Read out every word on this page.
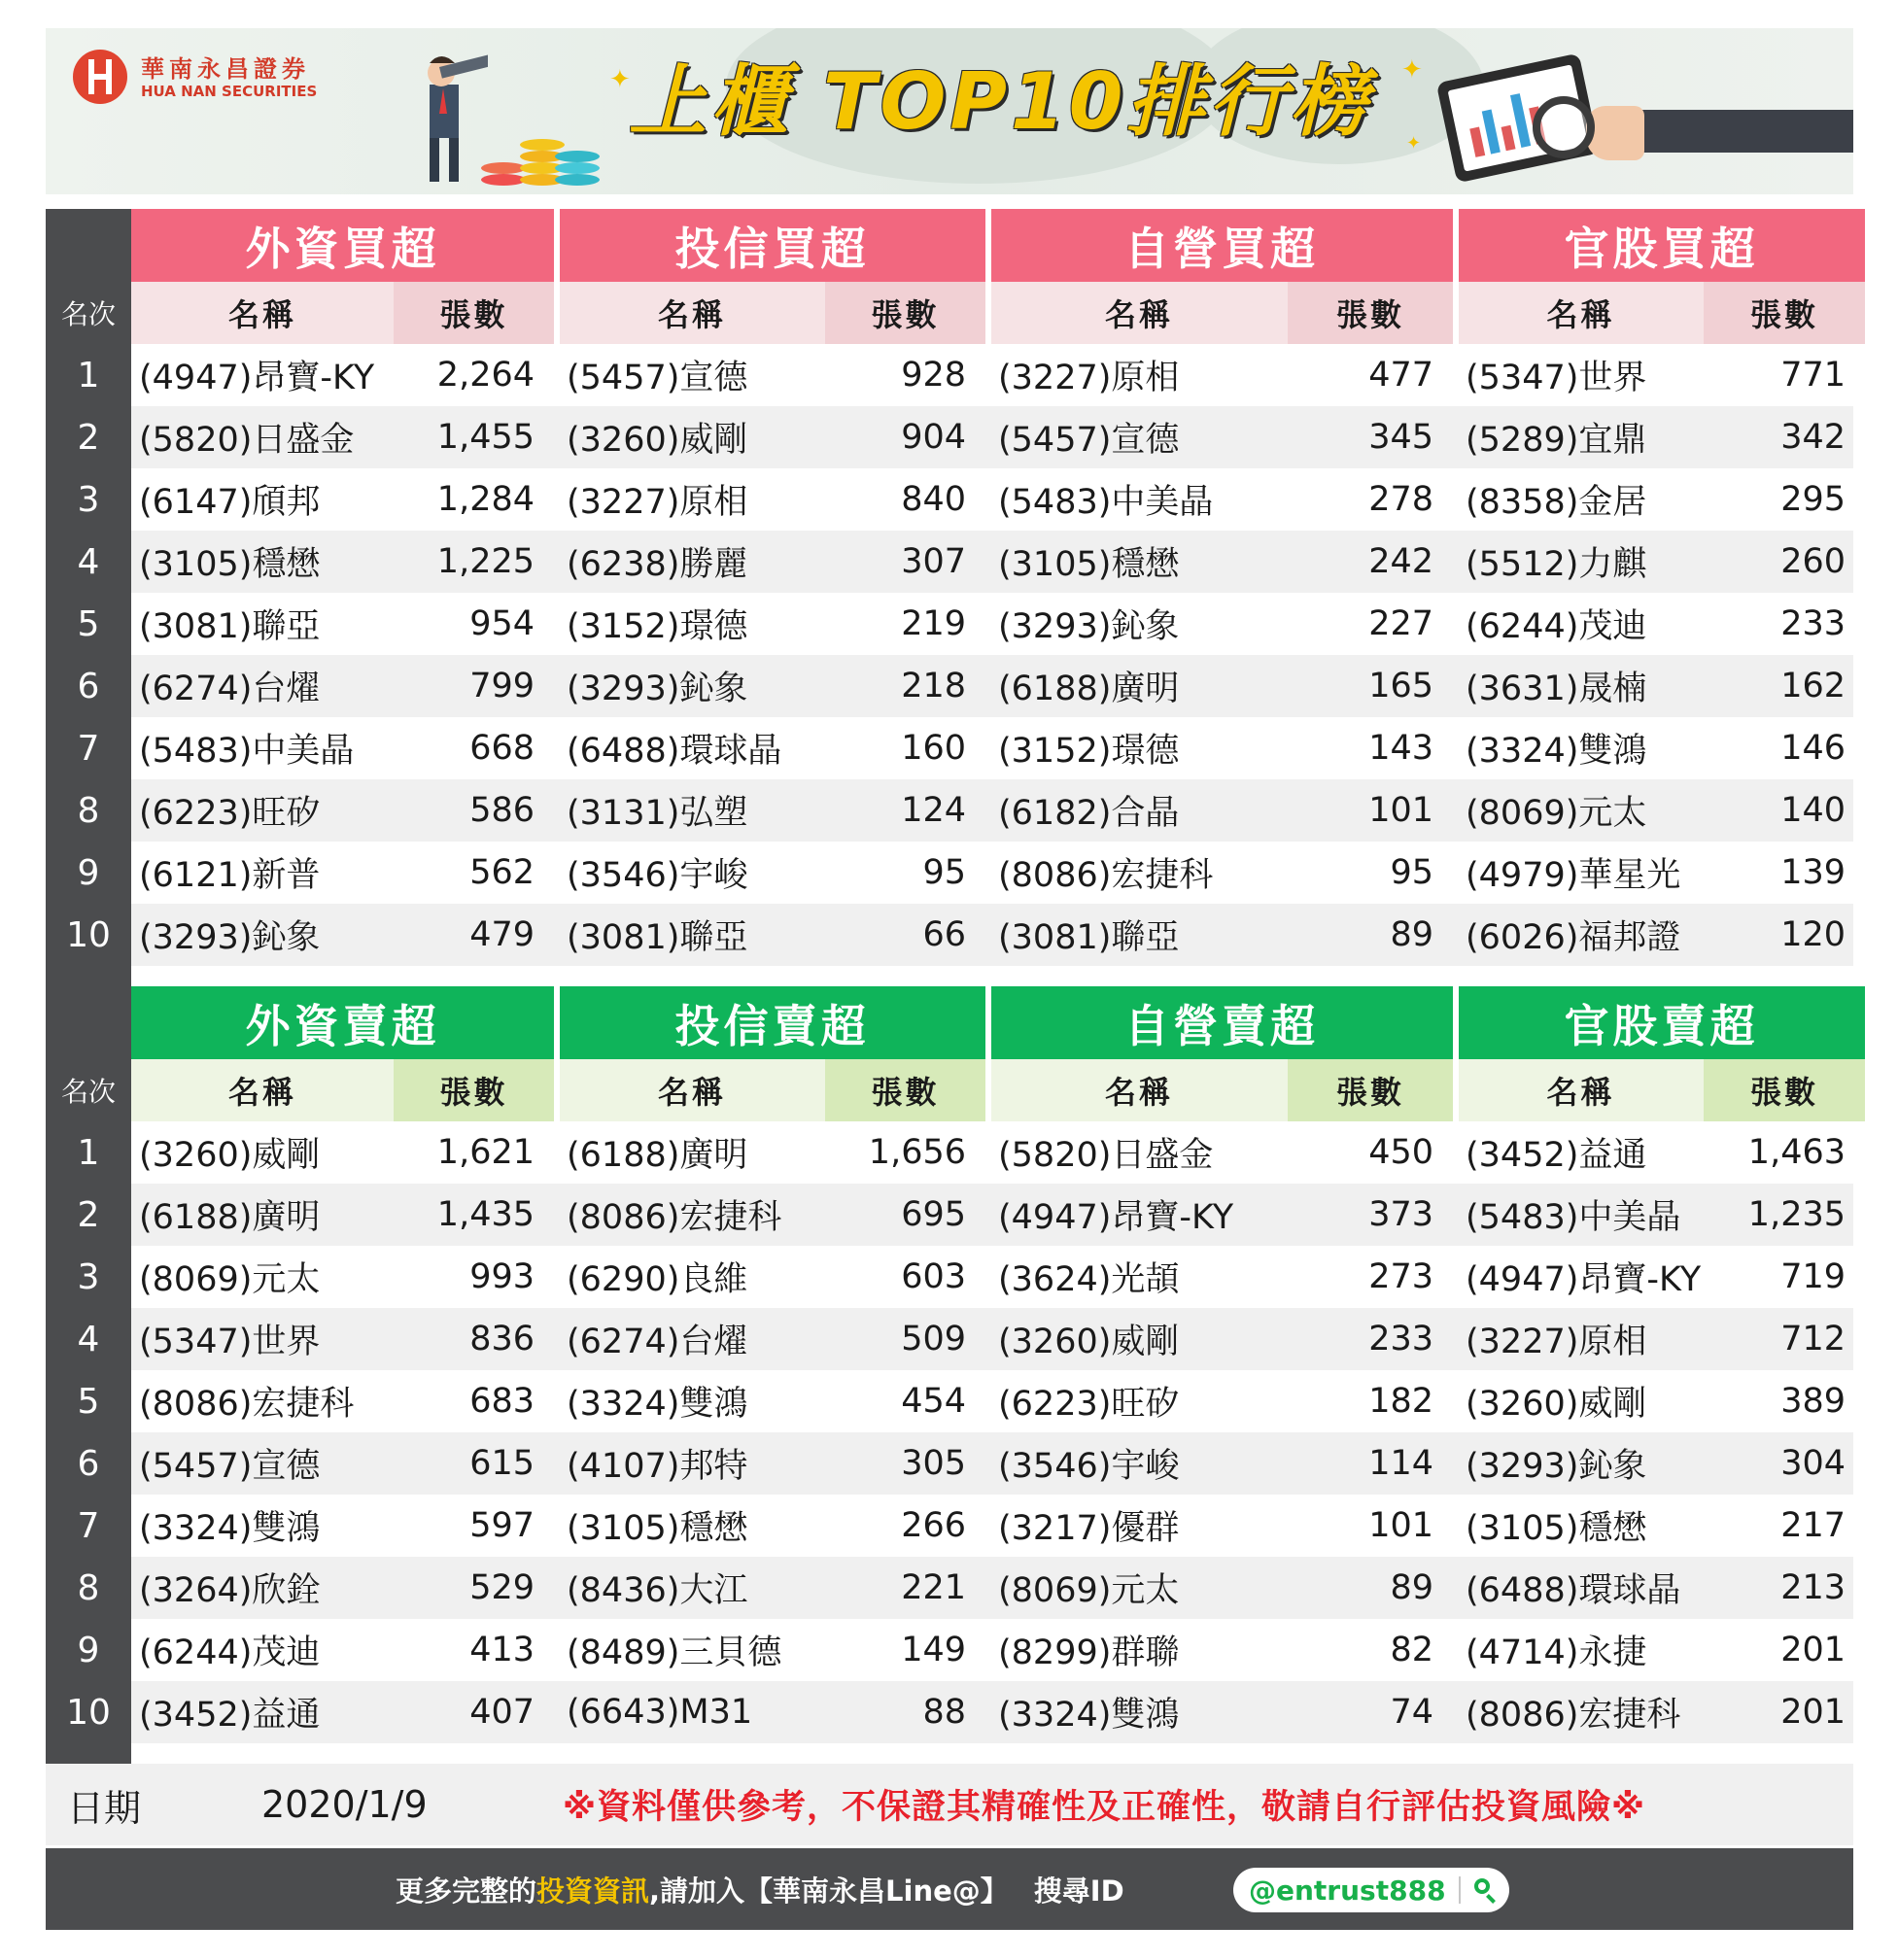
華南永昌證券
HUA NAN SECURITIES	✦	✦
✦
上櫃 TOP10排行榜
名次
外資買超
名稱	張數
投信買超
名稱	張數
自營買超
名稱	張數
官股買超
名稱	張數
1	(4947)昂寶-KY	2,264 (5457)宣德	928 (3227)原相	477 (5347)世界	771
2	(5820)日盛金	1,455 (3260)威剛	904 (5457)宣德	345 (5289)宜鼎	342
3	(6147)頎邦	1,284 (3227)原相	840 (5483)中美晶	278 (8358)金居	295
4	(3105)穩懋	1,225 (6238)勝麗	307 (3105)穩懋	242 (5512)力麒	260
5	(3081)聯亞	954 (3152)璟德	219 (3293)鈊象	227 (6244)茂迪	233
6	(6274)台燿	799 (3293)鈊象	218 (6188)廣明	165 (3631)晟楠	162
7	(5483)中美晶	668 (6488)環球晶	160 (3152)璟德	143 (3324)雙鴻	146
8	(6223)旺矽	586 (3131)弘塑	124 (6182)合晶	101 (8069)元太	140
9	(6121)新普	562 (3546)宇峻	95 (8086)宏捷科	95 (4979)華星光	139
10 (3293)鈊象	479 (3081)聯亞	66 (3081)聯亞	89 (6026)福邦證	120
名次
外資賣超
名稱	張數
投信賣超
名稱	張數
自營賣超
名稱	張數
官股賣超
名稱	張數
1	(3260)威剛	1,621 (6188)廣明	1,656 (5820)日盛金	450 (3452)益通	1,463
2	(6188)廣明	1,435 (8086)宏捷科	695 (4947)昂寶-KY	373 (5483)中美晶	1,235
3	(8069)元太	993 (6290)良維	603 (3624)光頡	273 (4947)昂寶-KY	719
4	(5347)世界	836 (6274)台燿	509 (3260)威剛	233 (3227)原相	712
5	(8086)宏捷科	683 (3324)雙鴻	454 (6223)旺矽	182 (3260)威剛	389
6	(5457)宣德	615 (4107)邦特	305 (3546)宇峻	114 (3293)鈊象	304
7	(3324)雙鴻	597 (3105)穩懋	266 (3217)優群	101 (3105)穩懋	217
8	(3264)欣銓	529 (8436)大江	221 (8069)元太	89 (6488)環球晶	213
9	(6244)茂迪	413 (8489)三貝德	149 (8299)群聯	82 (4714)永捷	201
10 (3452)益通	407 (6643)M31	88 (3324)雙鴻	74 (8086)宏捷科	201
日期	2020/1/9	※資料僅供參考，不保證其精確性及正確性，敬請自行評估投資風險※
更多完整的 投資資訊 ,請加入【華南永昌Line@】 搜尋ID	@entrust888
